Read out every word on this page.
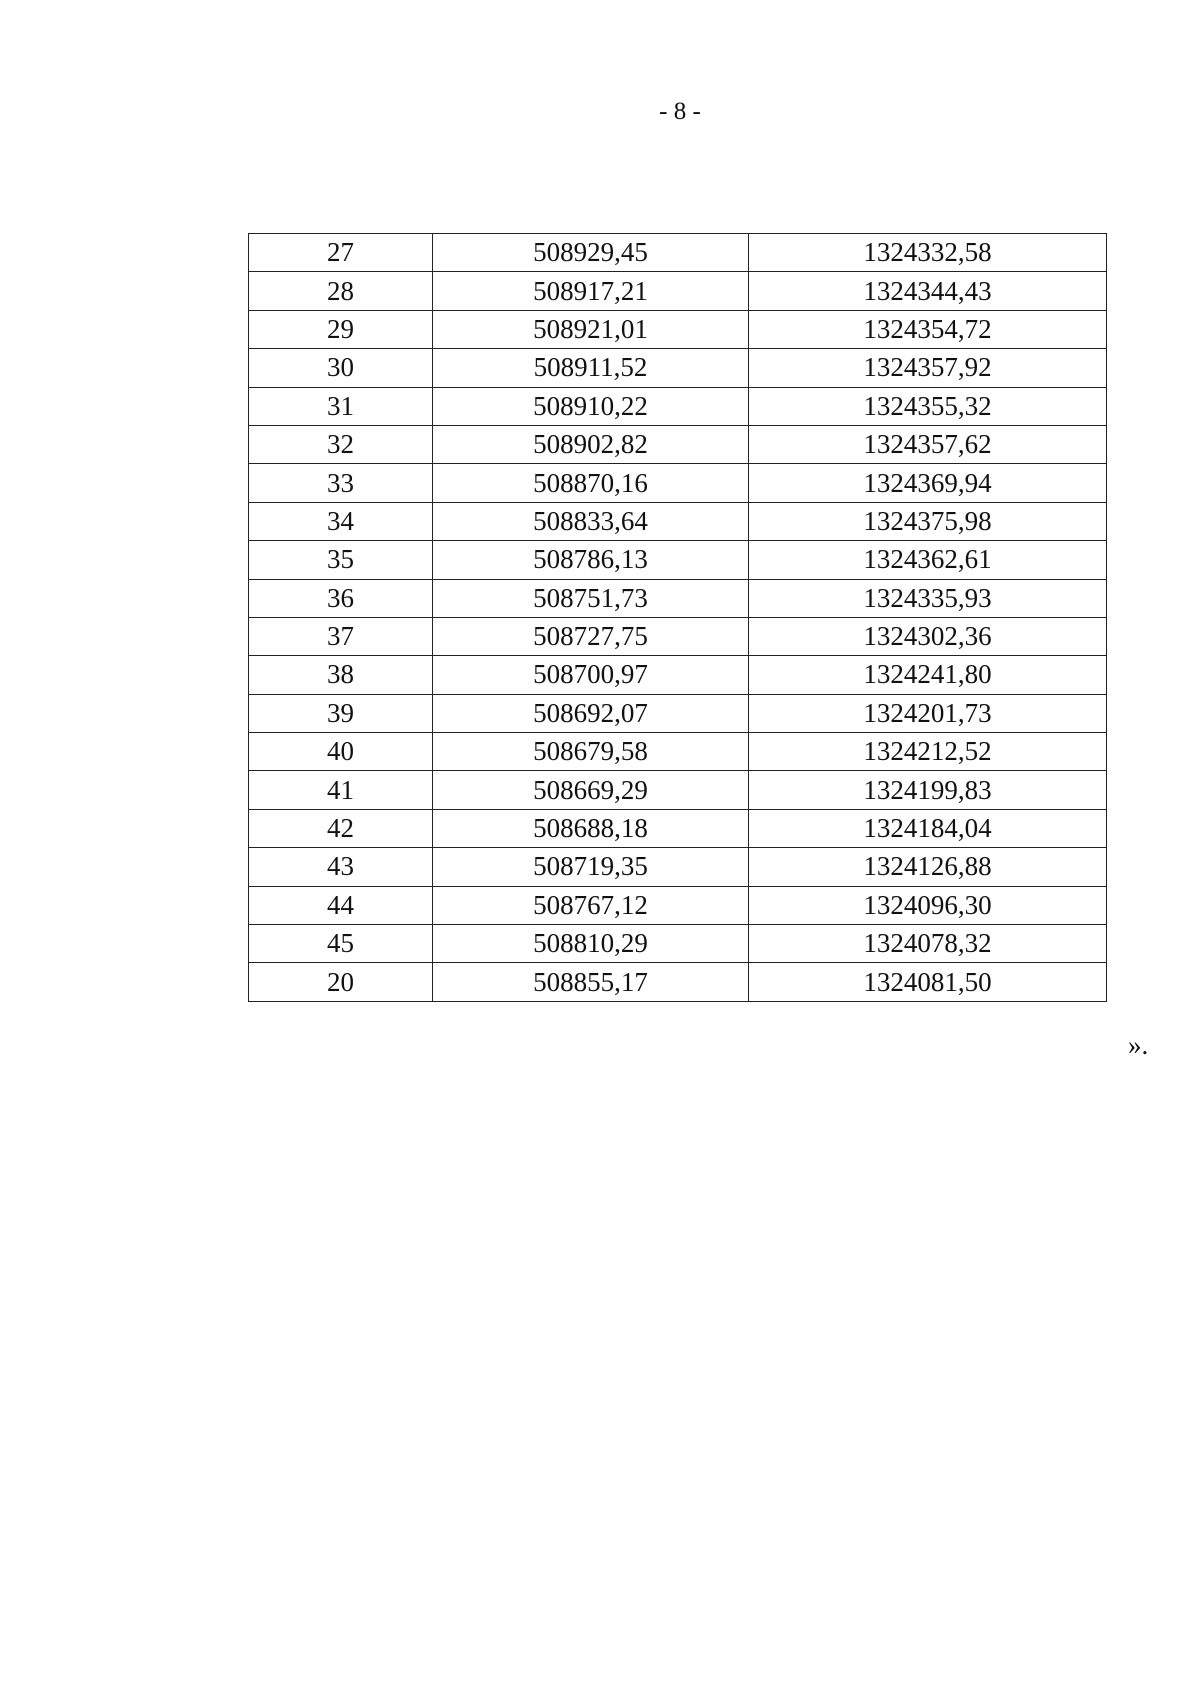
- 8 -
27	508929,45	1324332,58
28	508917,21	1324344,43
29	508921,01	1324354,72
30	508911,52	1324357,92
31	508910,22	1324355,32
32	508902,82	1324357,62
33	508870,16	1324369,94
34	508833,64	1324375,98
35	508786,13	1324362,61
36	508751,73	1324335,93
37	508727,75	1324302,36
38	508700,97	1324241,80
39	508692,07	1324201,73
40	508679,58	1324212,52
41	508669,29	1324199,83
42	508688,18	1324184,04
43	508719,35	1324126,88
44	508767,12	1324096,30
45	508810,29	1324078,32
20	508855,17	1324081,50
».
